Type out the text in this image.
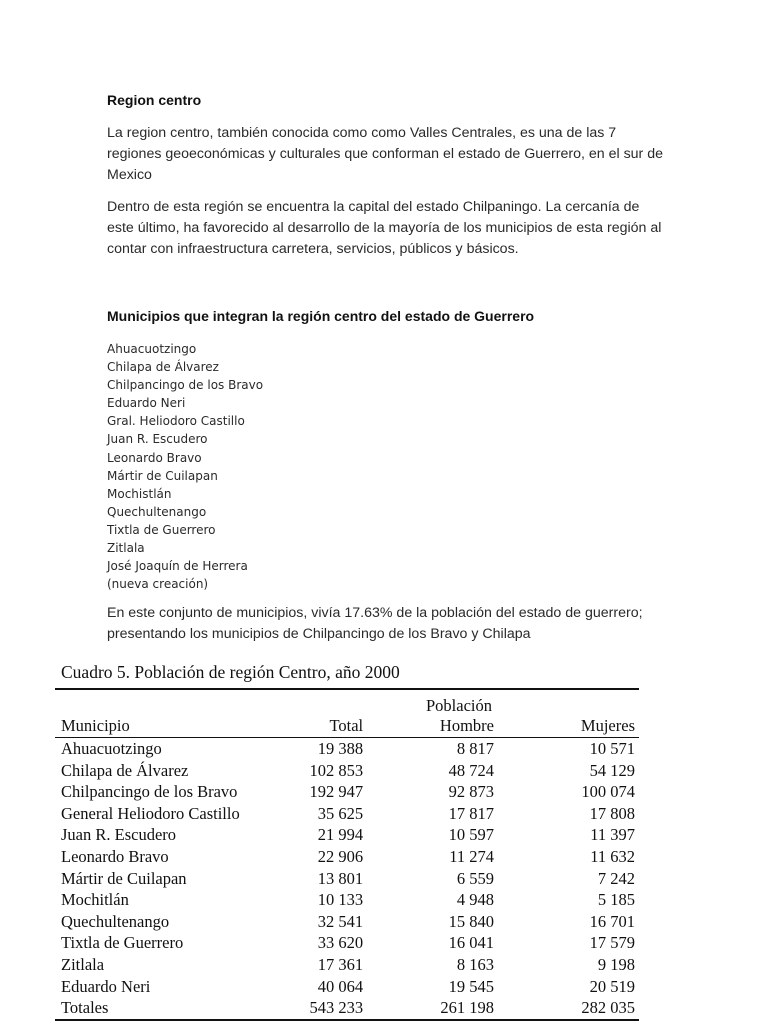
Region centro

La region centro, también conocida como como Valles Centrales, es una de las 7 regiones geoeconómicas y culturales que conforman el estado de Guerrero, en el sur de Mexico

Dentro de esta región se encuentra la capital del estado Chilpaningo. La cercanía de este último, ha favorecido al desarrollo de la mayoría de los municipios de esta región al contar con infraestructura carretera, servicios, públicos y básicos.

Municipios que integran la región centro del estado de Guerrero
Ahuacuotzingo
Chilapa de Álvarez
Chilpancingo de los Bravo
Eduardo Neri
Gral. Heliodoro Castillo
Juan R. Escudero
Leonardo Bravo
Mártir de Cuilapan
Mochistlán
Quechultenango
Tixtla de Guerrero
Zitlala
José Joaquín de Herrera
(nueva creación)

En este conjunto de municipios, vivía 17.63% de la población del estado de guerrero; presentando los municipios de Chilpancingo de los Bravo y Chilapa

Cuadro 5. Población de región Centro, año 2000

		Población	
Municipio	Total	Hombre	Mujeres
Ahuacuotzingo	19 388	8 817	10 571
Chilapa de Álvarez	102 853	48 724	54 129
Chilpancingo de los Bravo	192 947	92 873	100 074
General Heliodoro Castillo	35 625	17 817	17 808
Juan R. Escudero	21 994	10 597	11 397
Leonardo Bravo	22 906	11 274	11 632
Mártir de Cuilapan	13 801	6 559	7 242
Mochitlán	10 133	4 948	5 185
Quechultenango	32 541	15 840	16 701
Tixtla de Guerrero	33 620	16 041	17 579
Zitlala	17 361	8 163	9 198
Eduardo Neri	40 064	19 545	20 519
Totales	543 233	261 198	282 035
